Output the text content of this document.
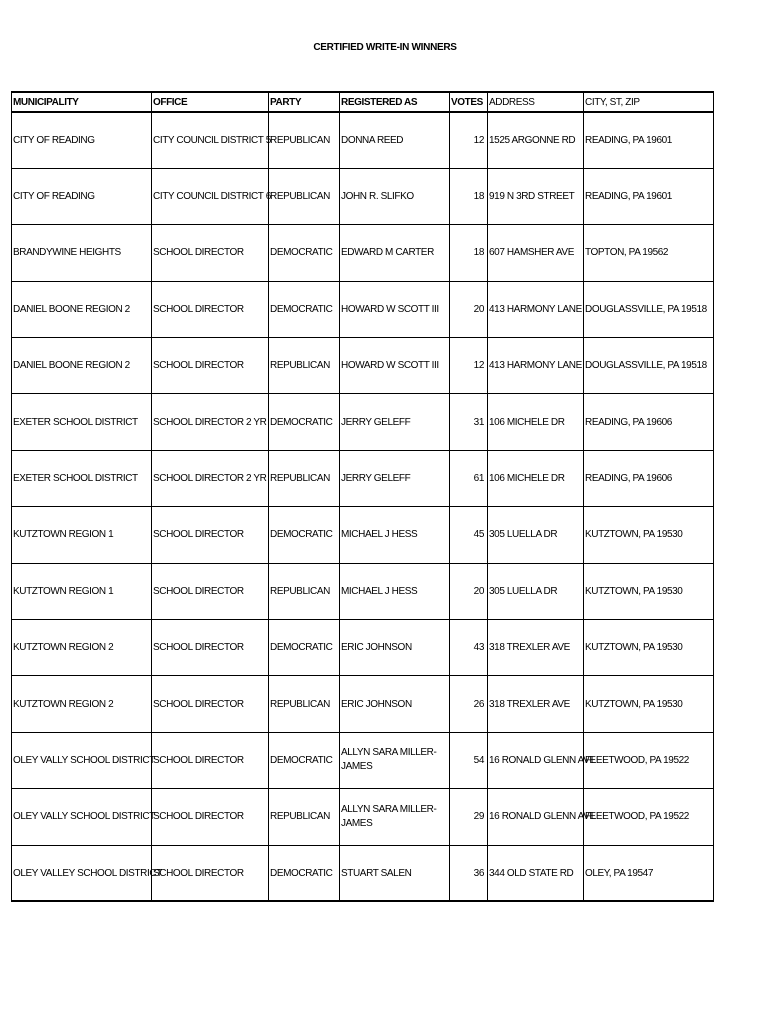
CERTIFIED WRITE-IN WINNERS
MUNICIPALITY	OFFICE	PARTY	REGISTERED AS	VOTES	ADDRESS	CITY, ST, ZIP
CITY OF READING	CITY COUNCIL DISTRICT 5	REPUBLICAN	DONNA REED	12	1525 ARGONNE RD	READING, PA 19601
CITY OF READING	CITY COUNCIL DISTRICT 6	REPUBLICAN	JOHN R. SLIFKO	18	919 N 3RD STREET	READING, PA 19601
BRANDYWINE HEIGHTS	SCHOOL DIRECTOR	DEMOCRATIC	EDWARD M CARTER	18	607 HAMSHER AVE	TOPTON, PA 19562
DANIEL BOONE REGION 2	SCHOOL DIRECTOR	DEMOCRATIC	HOWARD W SCOTT III	20	413 HARMONY LANE	DOUGLASSVILLE, PA 19518
DANIEL BOONE REGION 2	SCHOOL DIRECTOR	REPUBLICAN	HOWARD W SCOTT III	12	413 HARMONY LANE	DOUGLASSVILLE, PA 19518
EXETER SCHOOL DISTRICT	SCHOOL DIRECTOR 2 YR	DEMOCRATIC	JERRY GELEFF	31	106 MICHELE DR	READING, PA 19606
EXETER SCHOOL DISTRICT	SCHOOL DIRECTOR 2 YR	REPUBLICAN	JERRY GELEFF	61	106 MICHELE DR	READING, PA 19606
KUTZTOWN REGION 1	SCHOOL DIRECTOR	DEMOCRATIC	MICHAEL J HESS	45	305 LUELLA DR	KUTZTOWN, PA 19530
KUTZTOWN REGION 1	SCHOOL DIRECTOR	REPUBLICAN	MICHAEL J HESS	20	305 LUELLA DR	KUTZTOWN, PA 19530
KUTZTOWN REGION 2	SCHOOL DIRECTOR	DEMOCRATIC	ERIC JOHNSON	43	318 TREXLER AVE	KUTZTOWN, PA 19530
KUTZTOWN REGION 2	SCHOOL DIRECTOR	REPUBLICAN	ERIC JOHNSON	26	318 TREXLER AVE	KUTZTOWN, PA 19530
OLEY VALLY SCHOOL DISTRICT	SCHOOL DIRECTOR	DEMOCRATIC	ALLYN SARA MILLER-JAMES	54	16 RONALD GLENN AVE	FLEETWOOD, PA 19522
OLEY VALLY SCHOOL DISTRICT	SCHOOL DIRECTOR	REPUBLICAN	ALLYN SARA MILLER-JAMES	29	16 RONALD GLENN AVE	FLEETWOOD, PA 19522
OLEY VALLEY SCHOOL DISTRICT	SCHOOL DIRECTOR	DEMOCRATIC	STUART SALEN	36	344 OLD STATE RD	OLEY, PA 19547
